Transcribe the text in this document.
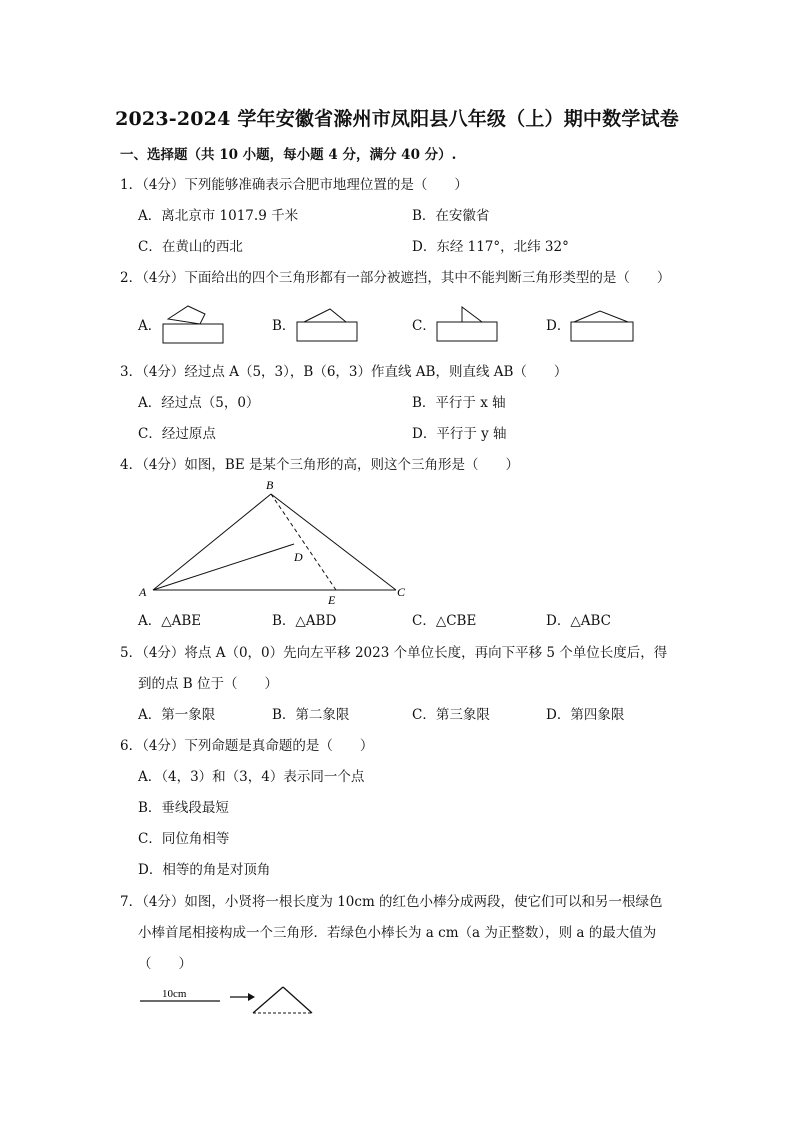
2023-2024 学年安徽省滁州市凤阳县八年级（上）期中数学试卷
一、选择题（共 10 小题，每小题 4 分，满分 40 分）.
1．（4分）下列能够准确表示合肥市地理位置的是（　　）
A．离北京市 1017.9 千米	B．在安徽省
C．在黄山的西北	D．东经 117°，北纬 32°
2．（4分）下面给出的四个三角形都有一部分被遮挡，其中不能判断三角形类型的是（　　）
A．	B．	C．	D．
3．（4分）经过点 A（5，3），B（6，3）作直线 AB，则直线 AB（　　）
A．经过点（5，0）	B．平行于 x 轴
C．经过原点	D．平行于 y 轴
4．（4分）如图，BE 是某个三角形的高，则这个三角形是（　　）
B
D
A
E
C
A．△ABE	B．△ABD	C．△CBE	D．△ABC
5．（4分）将点 A（0，0）先向左平移 2023 个单位长度，再向下平移 5 个单位长度后，得
到的点 B 位于（　　）
A．第一象限	B．第二象限	C．第三象限	D．第四象限
6．（4分）下列命题是真命题的是（　　）
A．（4，3）和（3，4）表示同一个点
B．垂线段最短
C．同位角相等
D．相等的角是对顶角
7．（4分）如图，小贤将一根长度为 10cm 的红色小棒分成两段，使它们可以和另一根绿色
小棒首尾相接构成一个三角形．若绿色小棒长为 a cm（a 为正整数），则 a 的最大值为
（　　）
10cm
